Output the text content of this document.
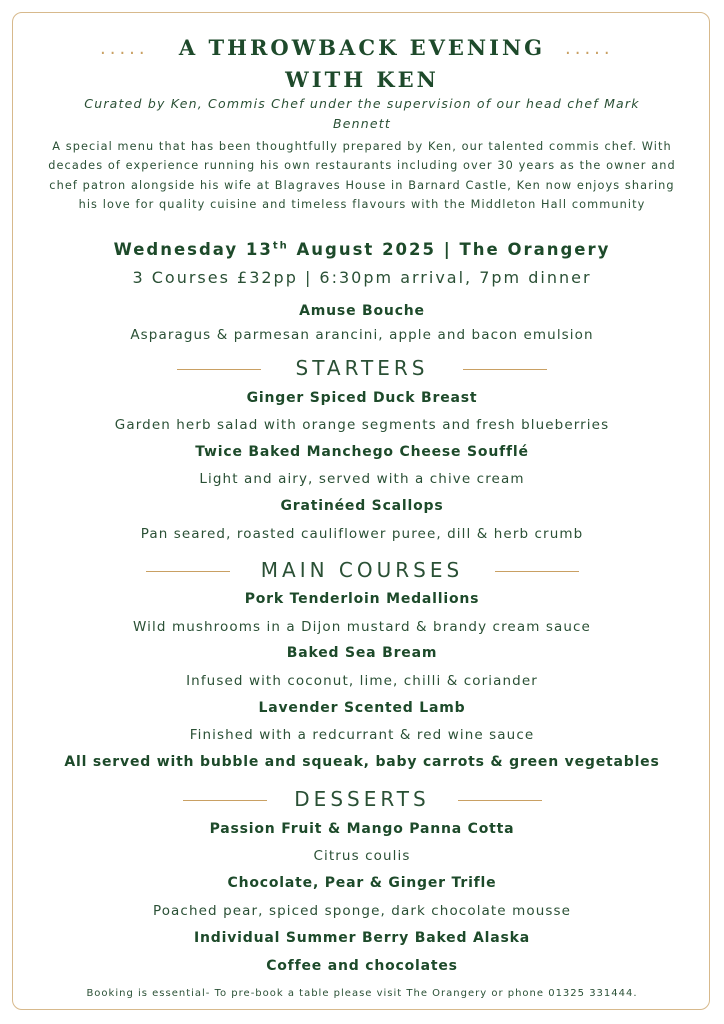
.....	.....
A THROWBACK EVENING
WITH KEN
Curated by Ken, Commis Chef under the supervision of our head chef Mark Bennett
A special menu that has been thoughtfully prepared by Ken, our talented commis chef. With decades of experience running his own restaurants including over 30 years as the owner and chef patron alongside his wife at Blagraves House in Barnard Castle, Ken now enjoys sharing his love for quality cuisine and timeless flavours with the Middleton Hall community
Wednesday 13th August 2025 | The Orangery
3 Courses £32pp | 6:30pm arrival, 7pm dinner
Amuse Bouche
Asparagus & parmesan arancini, apple and bacon emulsion
STARTERS
Ginger Spiced Duck Breast
Garden herb salad with orange segments and fresh blueberries
Twice Baked Manchego Cheese Soufflé
Light and airy, served with a chive cream
Gratinéed Scallops
Pan seared, roasted cauliflower puree, dill & herb crumb
MAIN COURSES
Pork Tenderloin Medallions
Wild mushrooms in a Dijon mustard & brandy cream sauce
Baked Sea Bream
Infused with coconut, lime, chilli & coriander
Lavender Scented Lamb
Finished with a redcurrant & red wine sauce
All served with bubble and squeak, baby carrots & green vegetables
DESSERTS
Passion Fruit & Mango Panna Cotta
Citrus coulis
Chocolate, Pear & Ginger Trifle
Poached pear, spiced sponge, dark chocolate mousse
Individual Summer Berry Baked Alaska
Coffee and chocolates
Booking is essential- To pre-book a table please visit The Orangery or phone 01325 331444.
